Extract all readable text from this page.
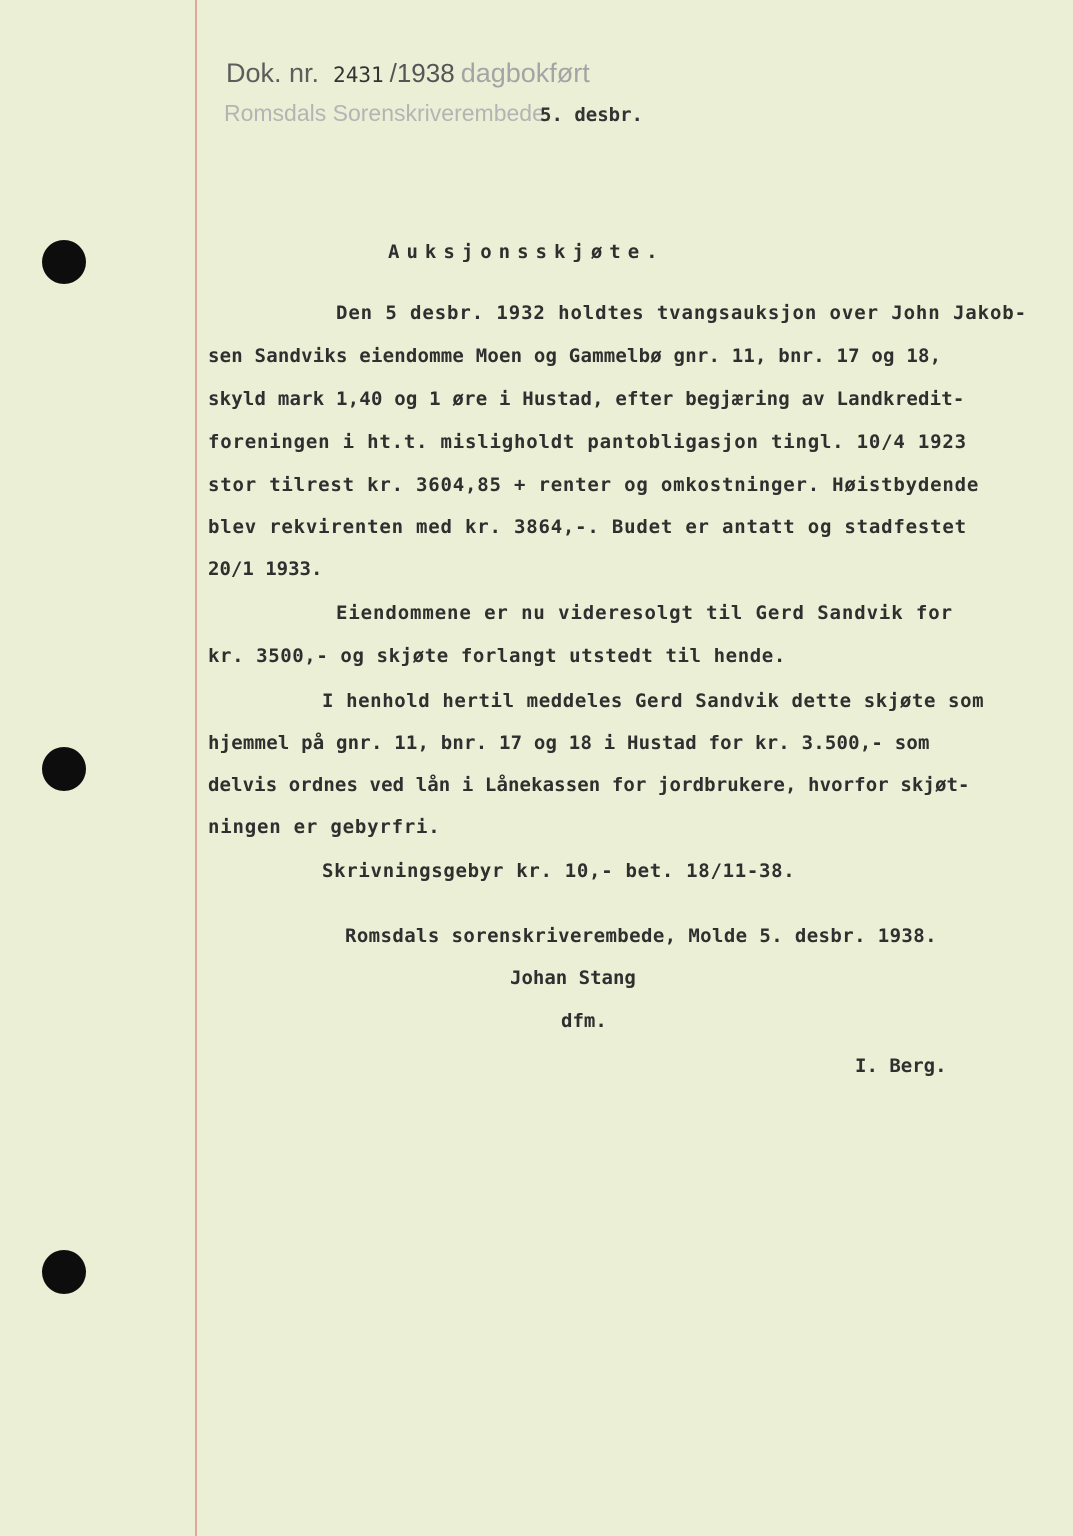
Dok. nr. 2431 /1938 dagbokført
Romsdals Sorenskriverembede.
5. desbr.
Auksjonsskjøte.
Den 5 desbr. 1932 holdtes tvangsauksjon over John Jakob-
sen Sandviks eiendomme Moen og Gammelbø gnr. 11, bnr. 17 og 18,
skyld mark 1,40 og 1 øre i Hustad, efter begjæring av Landkredit-
foreningen i ht.t. misligholdt pantobligasjon tingl. 10/4 1923
stor tilrest kr. 3604,85 + renter og omkostninger. Høistbydende
blev rekvirenten med kr. 3864,-. Budet er antatt og stadfestet
20/1 1933.
Eiendommene er nu videresolgt til Gerd Sandvik for
kr. 3500,- og skjøte forlangt utstedt til hende.
I henhold hertil meddeles Gerd Sandvik dette skjøte som
hjemmel på gnr. 11, bnr. 17 og 18 i Hustad for kr. 3.500,- som
delvis ordnes ved lån i Lånekassen for jordbrukere, hvorfor skjøt-
ningen er gebyrfri.
Skrivningsgebyr kr. 10,- bet. 18/11-38.
Romsdals sorenskriverembede, Molde 5. desbr. 1938.
Johan Stang
dfm.
I. Berg.
